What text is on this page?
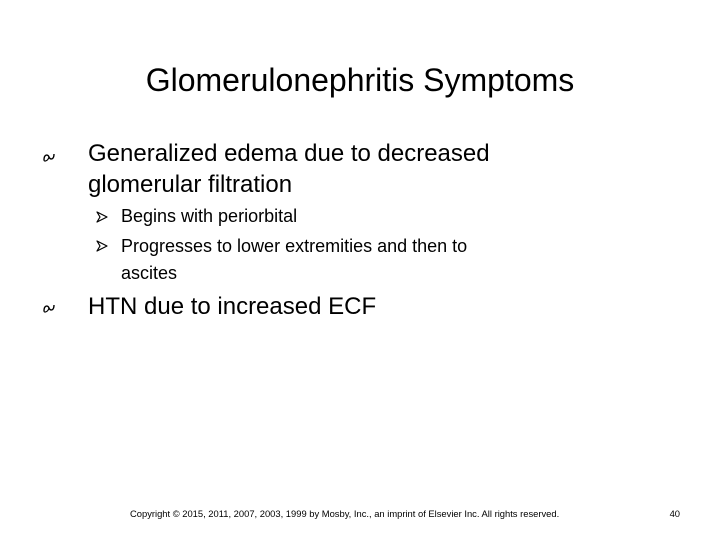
Glomerulonephritis Symptoms
Generalized edema due to decreased
glomerular filtration
Begins with periorbital
Progresses to lower extremities and then to
ascites
HTN due to increased ECF
Copyright © 2015, 2011, 2007, 2003, 1999 by Mosby, Inc., an imprint of Elsevier Inc. All rights reserved.	40
